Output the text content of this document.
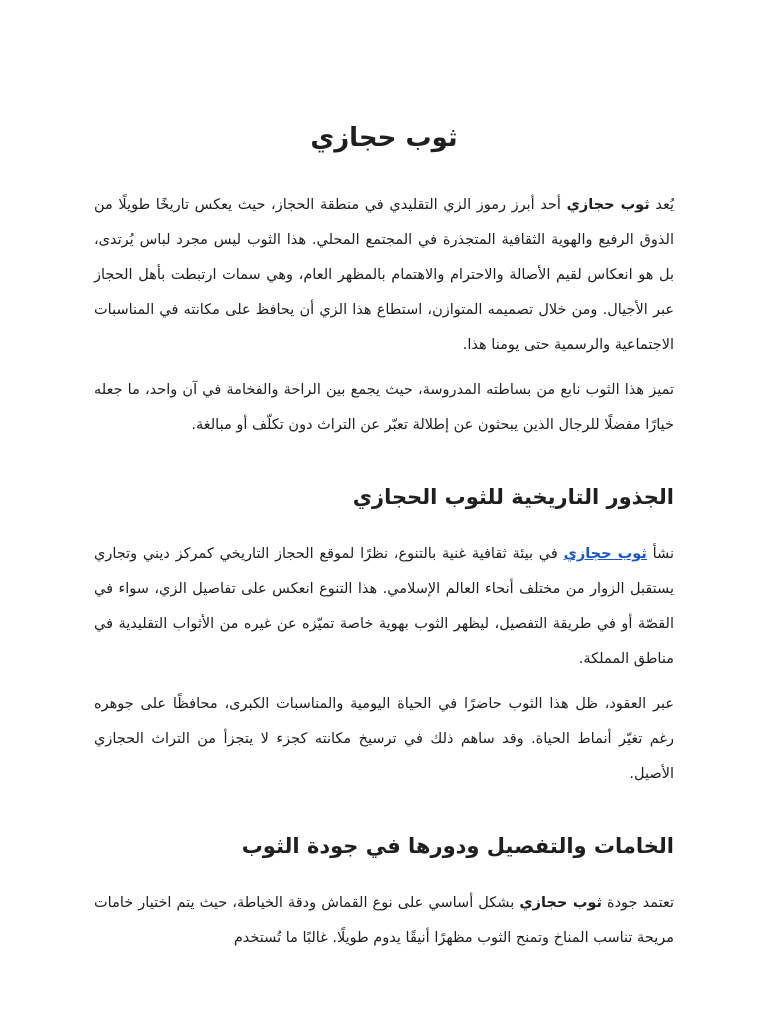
ثوب حجازي

يُعد ثوب حجازي أحد أبرز رموز الزي التقليدي في منطقة الحجاز، حيث يعكس تاريخًا طويلًا من الذوق الرفيع والهوية الثقافية المتجذرة في المجتمع المحلي. هذا الثوب ليس مجرد لباس يُرتدى، بل هو انعكاس لقيم الأصالة والاحترام والاهتمام بالمظهر العام، وهي سمات ارتبطت بأهل الحجاز عبر الأجيال. ومن خلال تصميمه المتوازن، استطاع هذا الزي أن يحافظ على مكانته في المناسبات الاجتماعية والرسمية حتى يومنا هذا.

تميز هذا الثوب نابع من بساطته المدروسة، حيث يجمع بين الراحة والفخامة في آن واحد، ما جعله خيارًا مفضلًا للرجال الذين يبحثون عن إطلالة تعبّر عن التراث دون تكلّف أو مبالغة.

الجذور التاريخية للثوب الحجازي

نشأ ثوب حجازي في بيئة ثقافية غنية بالتنوع، نظرًا لموقع الحجاز التاريخي كمركز ديني وتجاري يستقبل الزوار من مختلف أنحاء العالم الإسلامي. هذا التنوع انعكس على تفاصيل الزي، سواء في القصّة أو في طريقة التفصيل، ليظهر الثوب بهوية خاصة تميّزه عن غيره من الأثواب التقليدية في مناطق المملكة.

عبر العقود، ظل هذا الثوب حاضرًا في الحياة اليومية والمناسبات الكبرى، محافظًا على جوهره رغم تغيّر أنماط الحياة. وقد ساهم ذلك في ترسيخ مكانته كجزء لا يتجزأ من التراث الحجازي الأصيل.

الخامات والتفصيل ودورها في جودة الثوب

تعتمد جودة ثوب حجازي بشكل أساسي على نوع القماش ودقة الخياطة، حيث يتم اختيار خامات مريحة تناسب المناخ وتمنح الثوب مظهرًا أنيقًا يدوم طويلًا. غالبًا ما تُستخدم
